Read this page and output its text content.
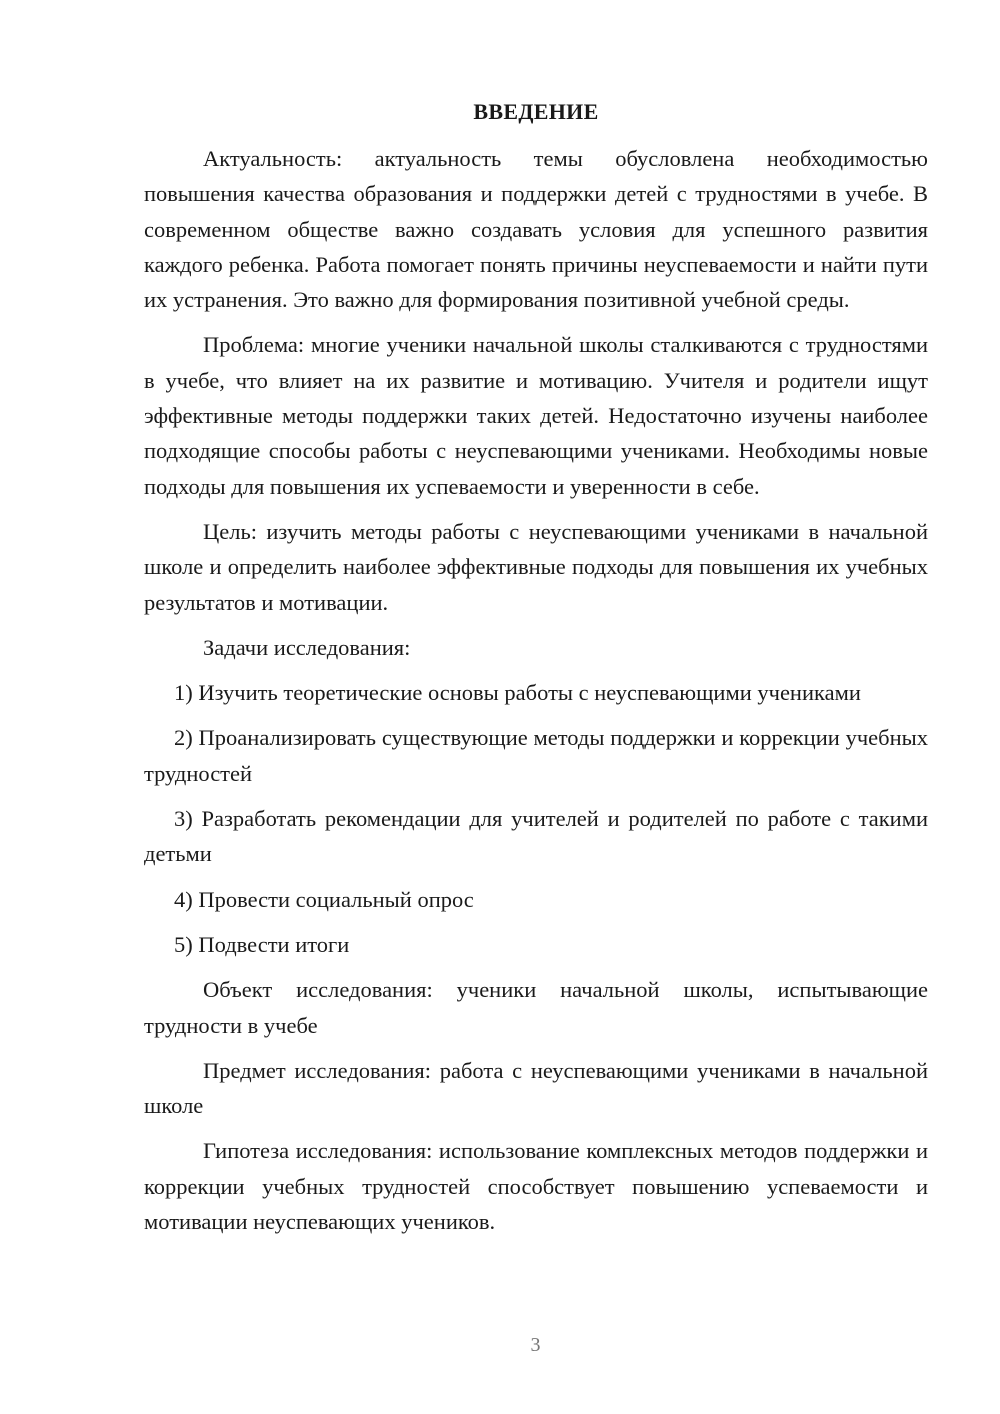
ВВЕДЕНИЕ

Актуальность: актуальность темы обусловлена необходимостью повышения качества образования и поддержки детей с трудностями в учебе. В современном обществе важно создавать условия для успешного развития каждого ребенка. Работа помогает понять причины неуспеваемости и найти пути их устранения. Это важно для формирования позитивной учебной среды.

Проблема: многие ученики начальной школы сталкиваются с трудностями в учебе, что влияет на их развитие и мотивацию. Учителя и родители ищут эффективные методы поддержки таких детей. Недостаточно изучены наиболее подходящие способы работы с неуспевающими учениками. Необходимы новые подходы для повышения их успеваемости и уверенности в себе.

Цель: изучить методы работы с неуспевающими учениками в начальной школе и определить наиболее эффективные подходы для повышения их учебных результатов и мотивации.

Задачи исследования:

1) Изучить теоретические основы работы с неуспевающими учениками

2) Проанализировать существующие методы поддержки и коррекции учебных трудностей

3) Разработать рекомендации для учителей и родителей по работе с такими детьми

4) Провести социальный опрос

5) Подвести итоги

Объект исследования: ученики начальной школы, испытывающие трудности в учебе

Предмет исследования: работа с неуспевающими учениками в начальной школе

Гипотеза исследования: использование комплексных методов поддержки и коррекции учебных трудностей способствует повышению успеваемости и мотивации неуспевающих учеников.

3
